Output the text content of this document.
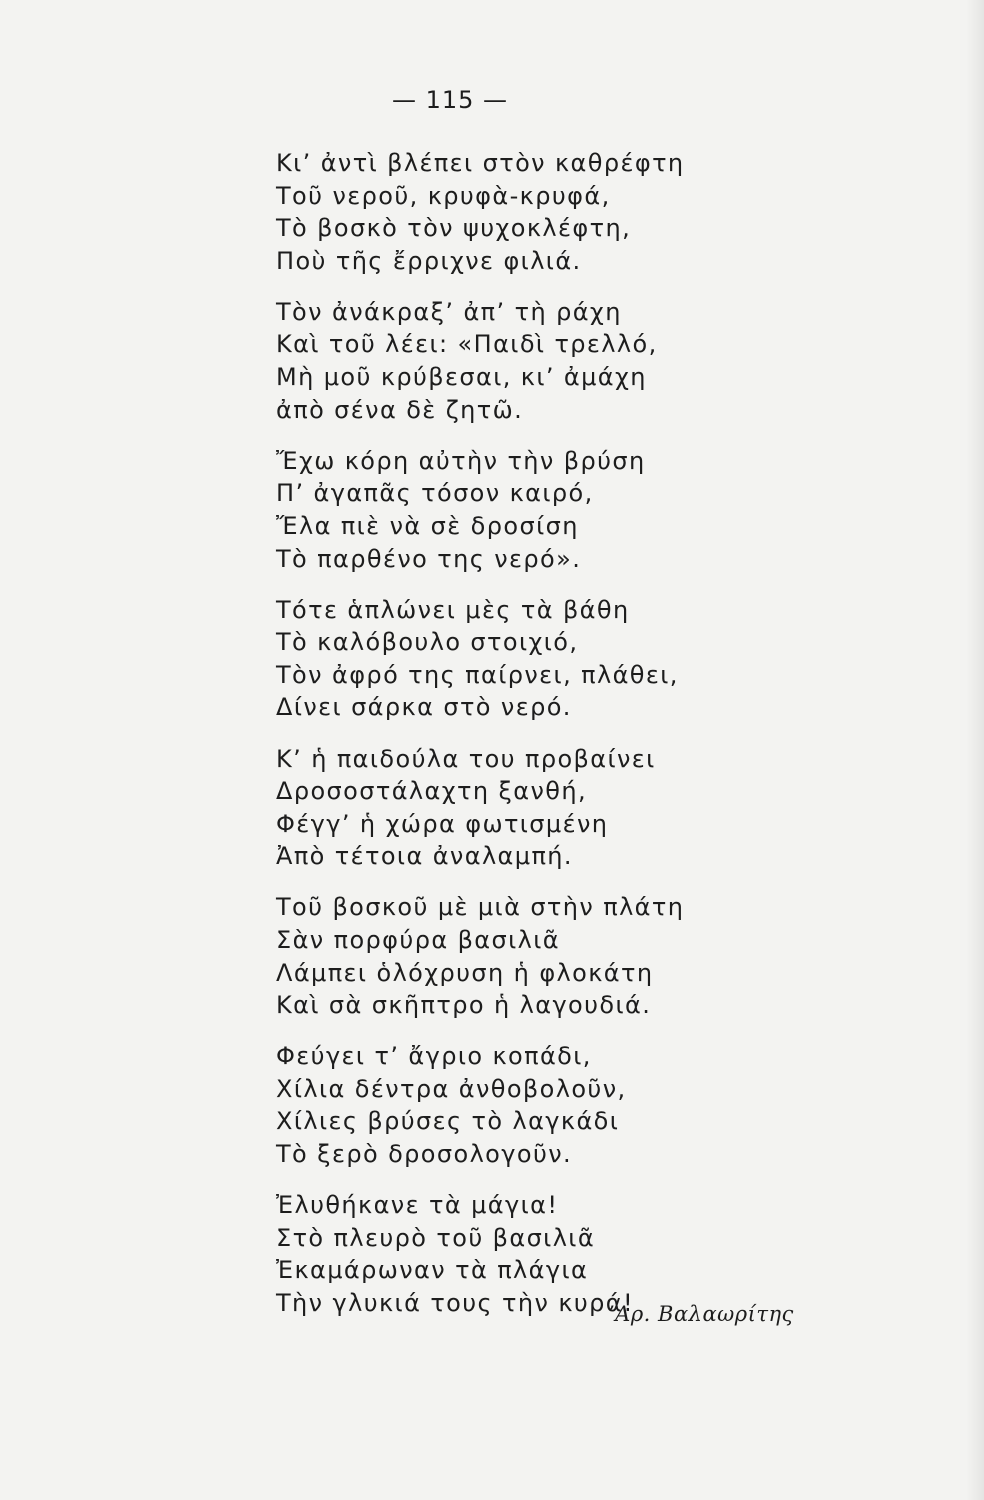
— 115 —
Κι’ ἀντὶ βλέπει στὸν καθρέφτη
Τοῦ νεροῦ, κρυφὰ-κρυφά,
Τὸ βοσκὸ τὸν ψυχοκλέφτη,
Ποὺ τῆς ἔρριχνε φιλιά.
Τὸν ἀνάκραξ’ ἀπ’ τὴ ράχη
Καὶ τοῦ λέει: «Παιδὶ τρελλό,
Μὴ μοῦ κρύβεσαι, κι’ ἀμάχη
ἀπὸ σένα δὲ ζητῶ.
Ἔχω κόρη αὐτὴν τὴν βρύση
Π’ ἀγαπᾶς τόσον καιρό,
Ἔλα πιὲ νὰ σὲ δροσίση
Τὸ παρθένο της νερό».
Τότε ἁπλώνει μὲς τὰ βάθη
Τὸ καλόβουλο στοιχιό,
Τὸν ἀφρό της παίρνει, πλάθει,
Δίνει σάρκα στὸ νερό.
Κ’ ἡ παιδούλα του προβαίνει
Δροσοστάλαχτη ξανθή,
Φέγγ’ ἡ χώρα φωτισμένη
Ἀπὸ τέτοια ἀναλαμπή.
Τοῦ βοσκοῦ μὲ μιὰ στὴν πλάτη
Σὰν πορφύρα βασιλιᾶ
Λάμπει ὁλόχρυση ἡ φλοκάτη
Καὶ σὰ σκῆπτρο ἡ λαγουδιά.
Φεύγει τ’ ἄγριο κοπάδι,
Χίλια δέντρα ἀνθοβολοῦν,
Χίλιες βρύσες τὸ λαγκάδι
Τὸ ξερὸ δροσολογοῦν.
Ἐλυθήκανε τὰ μάγια!
Στὸ πλευρὸ τοῦ βασιλιᾶ
Ἐκαμάρωναν τὰ πλάγια
Τὴν γλυκιά τους τὴν κυρά!
’Αρ. Βαλαωρίτης
